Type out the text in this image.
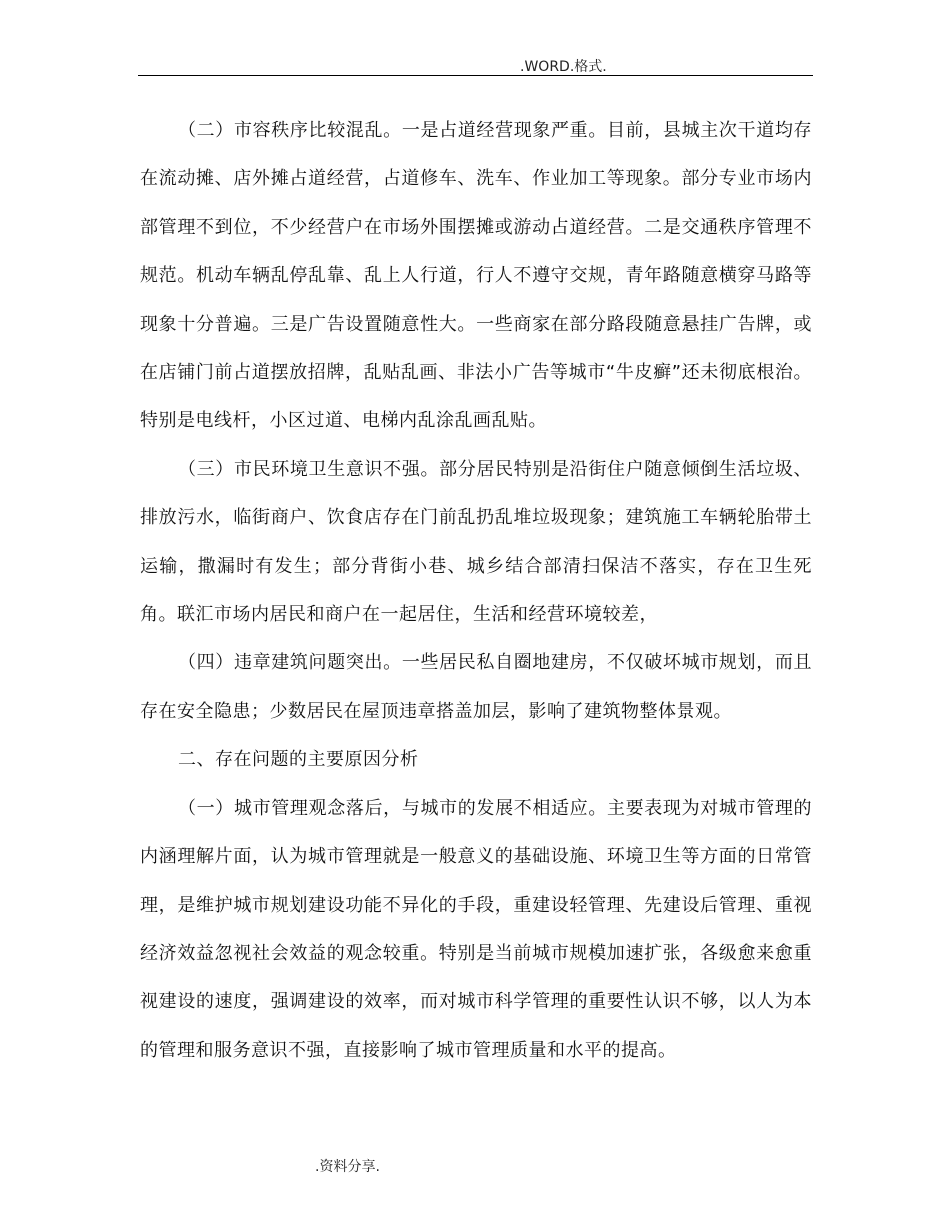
.WORD.格式.

（二）市容秩序比较混乱。一是占道经营现象严重。目前，县城主次干道均存在流动摊、店外摊占道经营，占道修车、洗车、作业加工等现象。部分专业市场内部管理不到位，不少经营户在市场外围摆摊或游动占道经营。二是交通秩序管理不规范。机动车辆乱停乱靠、乱上人行道，行人不遵守交规，青年路随意横穿马路等现象十分普遍。三是广告设置随意性大。一些商家在部分路段随意悬挂广告牌，或在店铺门前占道摆放招牌，乱贴乱画、非法小广告等城市“牛皮癣”还未彻底根治。特别是电线杆，小区过道、电梯内乱涂乱画乱贴。

（三）市民环境卫生意识不强。部分居民特别是沿街住户随意倾倒生活垃圾、排放污水，临街商户、饮食店存在门前乱扔乱堆垃圾现象；建筑施工车辆轮胎带土运输，撒漏时有发生；部分背街小巷、城乡结合部清扫保洁不落实，存在卫生死角。联汇市场内居民和商户在一起居住，生活和经营环境较差，

（四）违章建筑问题突出。一些居民私自圈地建房，不仅破坏城市规划，而且存在安全隐患；少数居民在屋顶违章搭盖加层，影响了建筑物整体景观。

二、存在问题的主要原因分析

（一）城市管理观念落后，与城市的发展不相适应。主要表现为对城市管理的内涵理解片面，认为城市管理就是一般意义的基础设施、环境卫生等方面的日常管理，是维护城市规划建设功能不异化的手段，重建设轻管理、先建设后管理、重视经济效益忽视社会效益的观念较重。特别是当前城市规模加速扩张，各级愈来愈重视建设的速度，强调建设的效率，而对城市科学管理的重要性认识不够，以人为本的管理和服务意识不强，直接影响了城市管理质量和水平的提高。

.资料分享.
